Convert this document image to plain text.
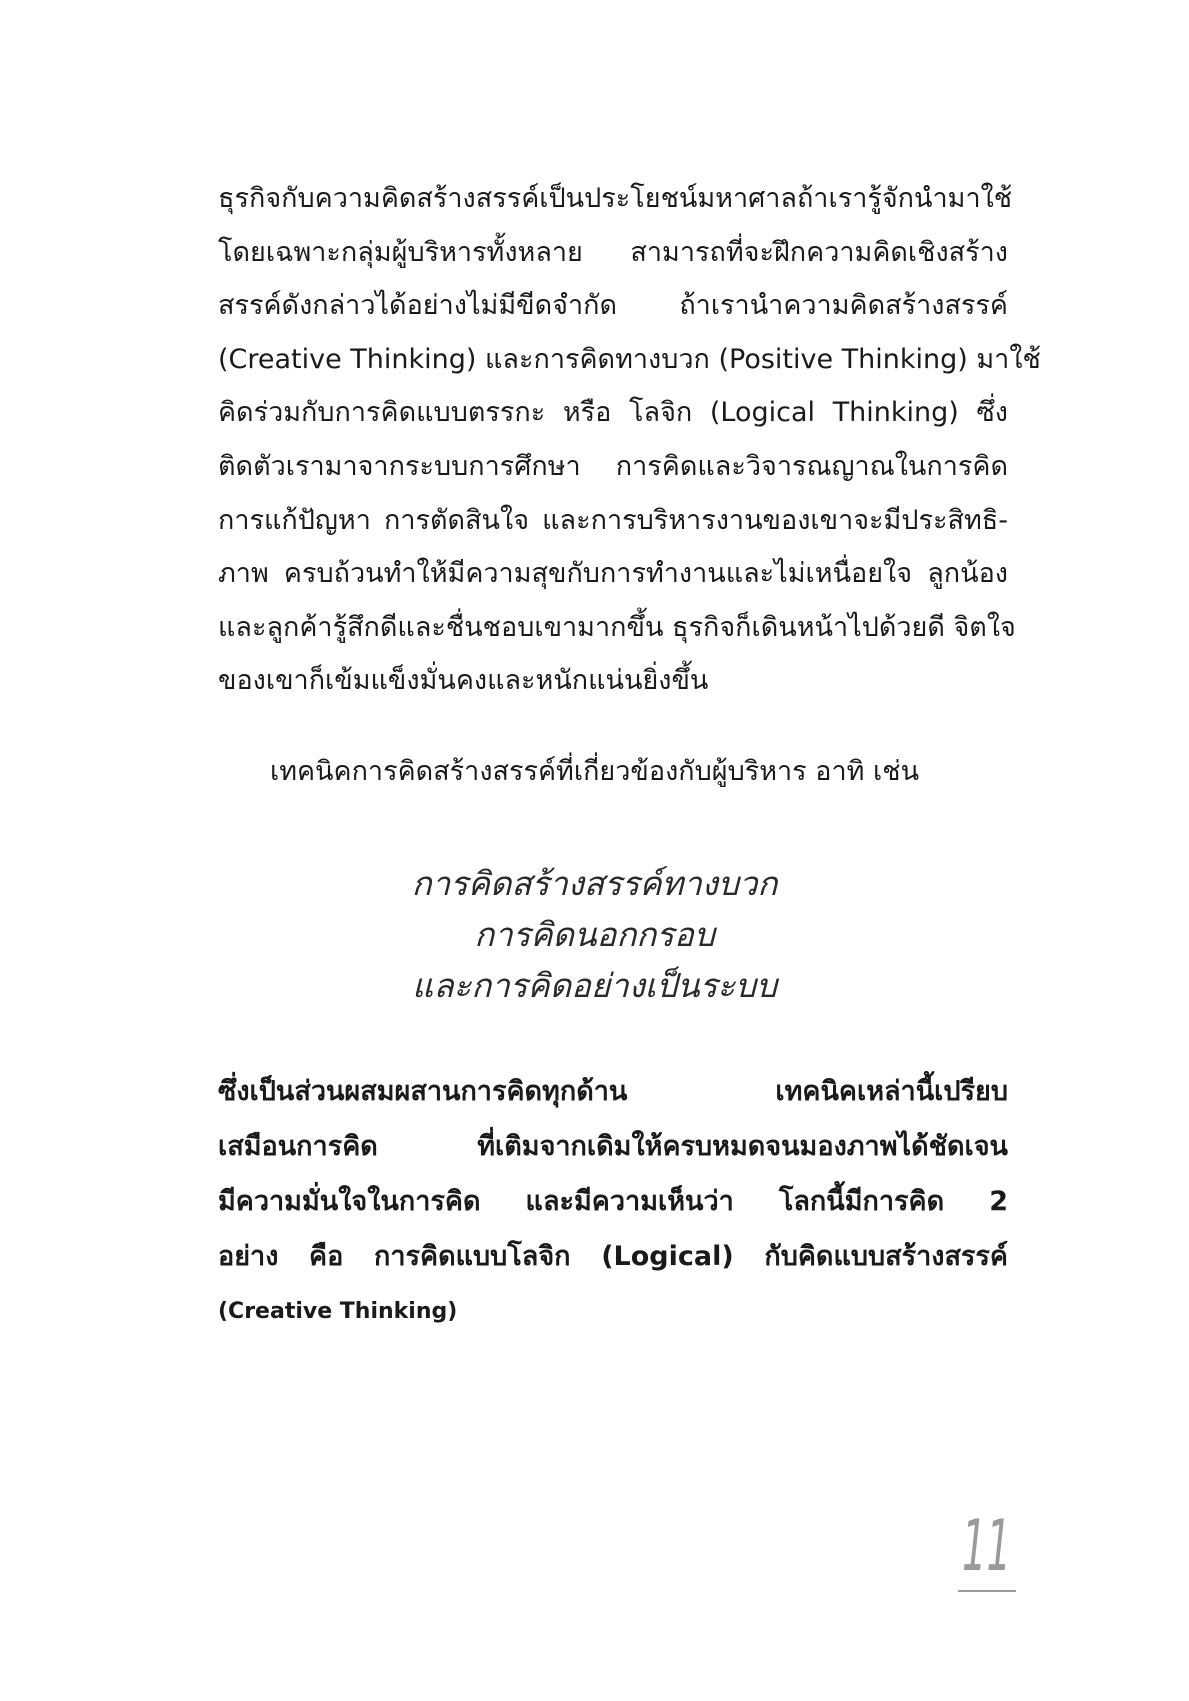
ธุรกิจกับความคิดสร้างสรรค์เป็นประโยชน์มหาศาลถ้าเรารู้จักนำมาใช้
โดยเฉพาะกลุ่มผู้บริหารทั้งหลาย สามารถที่จะฝึกความคิดเชิงสร้าง
สรรค์ดังกล่าวได้อย่างไม่มีขีดจำกัด ถ้าเรานำความคิดสร้างสรรค์
(Creative Thinking) และการคิดทางบวก (Positive Thinking) มาใช้
คิดร่วมกับการคิดแบบตรรกะ หรือ โลจิก (Logical Thinking) ซึ่ง
ติดตัวเรามาจากระบบการศึกษา การคิดและวิจารณญาณในการคิด
การแก้ปัญหา การตัดสินใจ และการบริหารงานของเขาจะมีประสิทธิ-
ภาพ ครบถ้วนทำให้มีความสุขกับการทำงานและไม่เหนื่อยใจ ลูกน้อง
และลูกค้ารู้สึกดีและชื่นชอบเขามากขึ้น ธุรกิจก็เดินหน้าไปด้วยดี จิตใจ
ของเขาก็เข้มแข็งมั่นคงและหนักแน่นยิ่งขึ้น
เทคนิคการคิดสร้างสรรค์ที่เกี่ยวข้องกับผู้บริหาร อาทิ เช่น
การคิดสร้างสรรค์ทางบวก
การคิดนอกกรอบ
และการคิดอย่างเป็นระบบ
ซึ่งเป็นส่วนผสมผสานการคิดทุกด้าน เทคนิคเหล่านี้เปรียบ
เสมือนการคิด ที่เติมจากเดิมให้ครบหมดจนมองภาพได้ชัดเจน
มีความมั่นใจในการคิด และมีความเห็นว่า โลกนี้มีการคิด 2
อย่าง คือ การคิดแบบโลจิก (Logical) กับคิดแบบสร้างสรรค์
(Creative Thinking)
11
